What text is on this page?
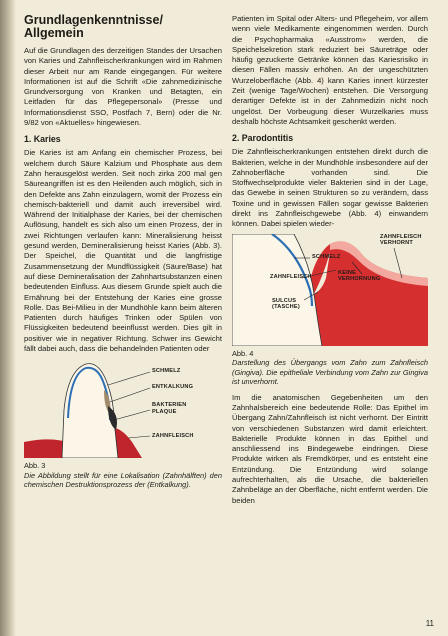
Grundlagenkenntnisse/ Allgemein

Auf die Grundlagen des derzeitigen Standes der Ursachen von Karies und Zahnfleischerkrankungen wird im Rahmen dieser Arbeit nur am Rande eingegangen. Für weitere Informationen ist auf die Schrift «Die zahnmedizinische Grundversorgung von Kranken und Betagten, ein Leitfaden für das Pflegepersonal» (Presse und Informationsdienst SSO, Postfach 7, Bern) oder die Nr. 9/82 von «Aktuelles» hingewiesen.

1. Karies

Die Karies ist am Anfang ein chemischer Prozess, bei welchem durch Säure Kalzium und Phosphate aus dem Zahn herausgelöst werden. Seit noch zirka 200 mal gen Säureangriffen ist es den Heilenden auch möglich, sich in den Defekte ans Zahn einzulagern, womit der Prozess ein chemisch-bakteriell und damit auch irreversibel wird. Während der Initialphase der Karies, bei der chemischen Auflösung, handelt es sich also um einen Prozess, der in zwei Richtungen verlaufen kann: Mineralisierung heisst gesund werden, Demineralisierung heisst Karies (Abb. 3). Der Speichel, die Quantität und die langfristige Zusammensetzung der Mundflüssigkeit (Säure/Base) hat auf diese Demineralisation der Zahnhartsubstanzen einen bedeutenden Einfluss. Aus diesem Grunde spielt auch die Ernährung bei der Entstehung der Karies eine grosse Rolle. Das Bei-Milieu in der Mundhöhle kann beim älteren Patienten durch häufiges Trinken oder Spülen von Flüssigkeiten bedeutend beeinflusst werden. Dies gilt in positiver wie in negativer Richtung. Schwer ins Gewicht fällt dabei auch, dass die behandelnden Patienten oder

SCHMELZ
ENTKALKUNG
BAKTERIEN PLAQUE
ZAHNFLEISCH
Abb. 3
Die Abbildung stellt für eine Lokalisation (Zahnhälften) den chemischen Destruktionsprozess der (Entkalkung).

Patienten im Spital oder Alters- und Pflegeheim, vor allem wenn viele Medikamente eingenommen werden. Durch die Psychopharmaka «Ausstrom» werden, die Speichelsekretion stark reduziert bei Säureträge oder häufig gezuckerte Getränke können das Kariesrisiko in diesen Fällen massiv erhöhen. An der ungeschützten Wurzeloberfläche (Abb. 4) kann Karies innert kürzester Zeit (wenige Tage/Wochen) entstehen. Die Versorgung derartiger Defekte ist in der Zahnmedizin nicht noch ungelöst. Der Vorbeugung dieser Wurzelkaries muss deshalb höchste Achtsamkeit geschenkt werden.

2. Parodontitis

Die Zahnfleischerkrankungen entstehen direkt durch die Bakterien, welche in der Mundhöhle insbesondere auf der Zahnoberfläche vorhanden sind. Die Stoffwechselprodukte vieler Bakterien sind in der Lage, das Gewebe in seinen Strukturen so zu verändern, dass Toxine und in gewissen Fällen sogar gewisse Bakterien direkt ins Zahnfleischgewebe (Abb. 4) einwandern können. Dabei spielen wieder-

SCHMELZ
ZAHNFLEISCH
SULCUS (TASCHE)
ZAHNFLEISCH VERHORNT
KEINE VERHORNUNG
Abb. 4
Darstellung des Übergangs vom Zahn zum Zahnfleisch (Gingiva). Die epitheliale Verbindung vom Zahn zur Gingiva ist unverhornt.

Im die anatomischen Gegebenheiten um den Zahnhalsbereich eine bedeutende Rolle: Das Epithel im Übergang Zahn/Zahnfleisch ist nicht verhornt. Der Eintritt von verschiedenen Substanzen wird damit erleichtert. Bakterielle Produkte können in das Epithel und anschliessend ins Bindegewebe eindringen. Diese Produkte wirken als Fremdkörper, und es entsteht eine Entzündung. Die Entzündung wird solange aufrechterhalten, als die Ursache, die bakteriellen Zahnbeläge an der Oberfläche, nicht entfernt werden. Die beiden

11
